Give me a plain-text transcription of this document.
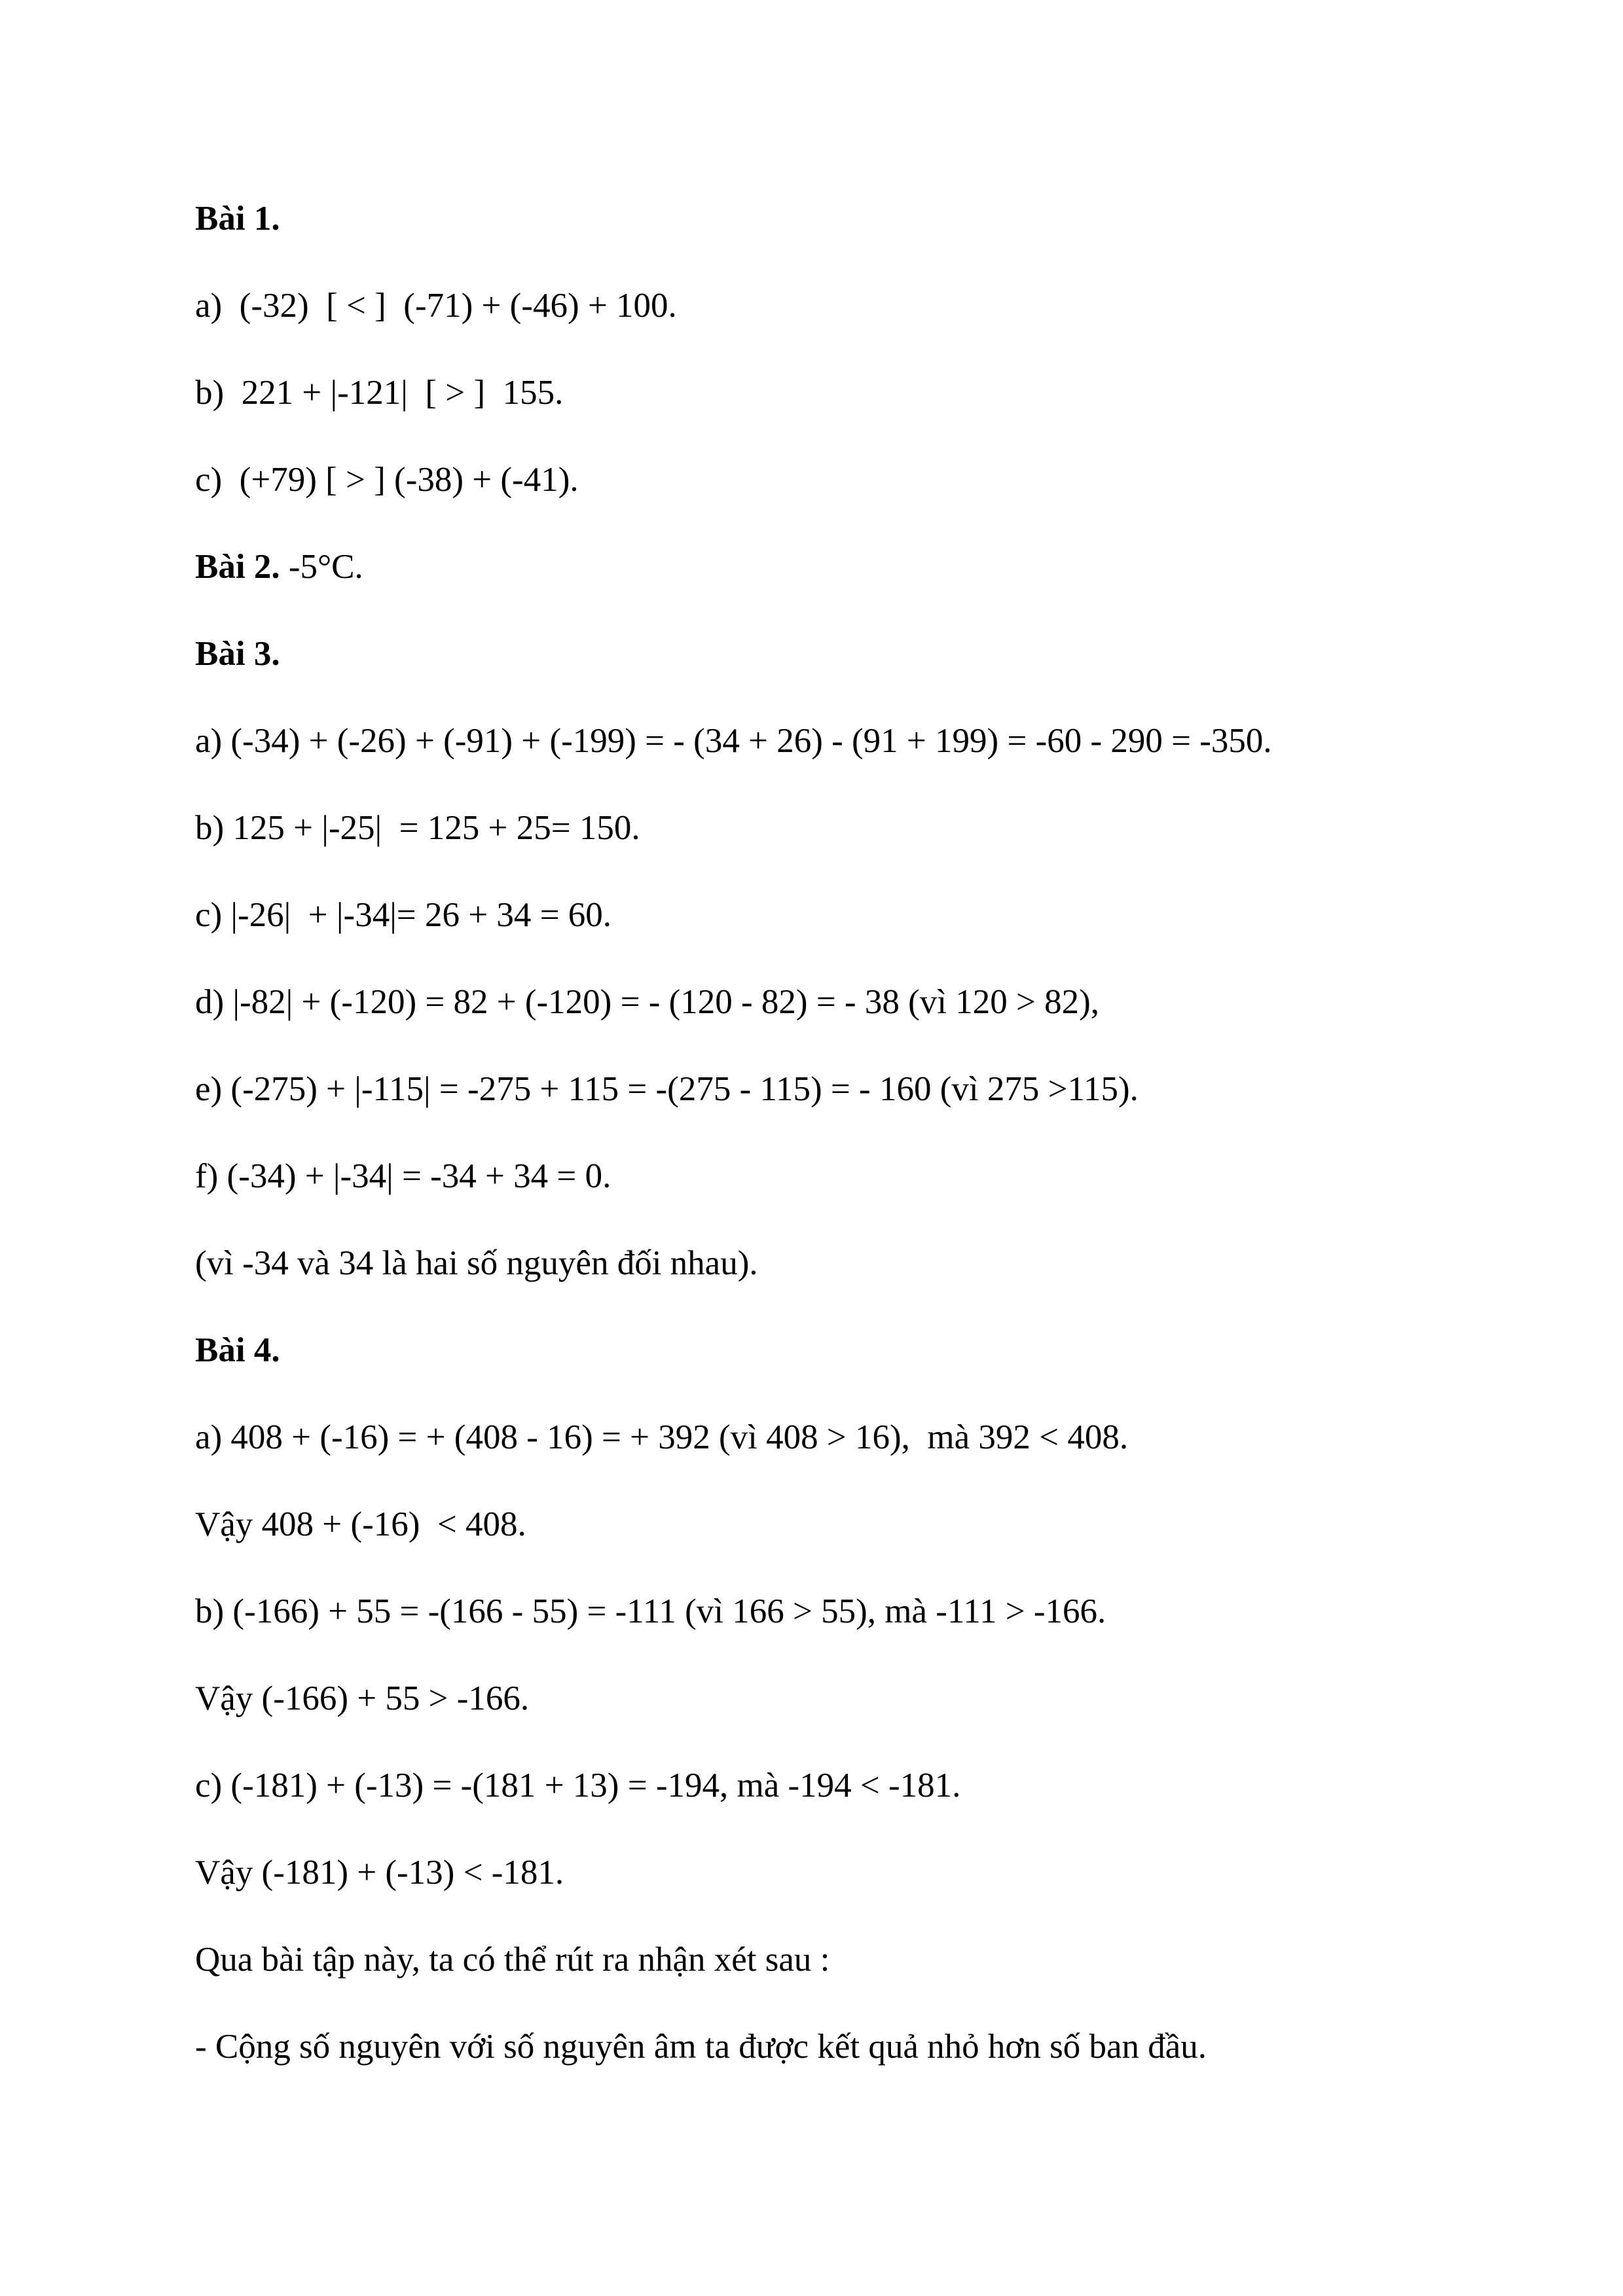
Bài 1.
a)  (-32)  [ < ]  (-71) + (-46) + 100.
b)  221 + |-121|  [ > ]  155.
c)  (+79) [ > ] (-38) + (-41).
Bài 2. -5°C.
Bài 3.
a) (-34) + (-26) + (-91) + (-199) = - (34 + 26) - (91 + 199) = -60 - 290 = -350.
b) 125 + |-25|  = 125 + 25= 150.
c) |-26|  + |-34|= 26 + 34 = 60.
d) |-82| + (-120) = 82 + (-120) = - (120 - 82) = - 38 (vì 120 > 82),
e) (-275) + |-115| = -275 + 115 = -(275 - 115) = - 160 (vì 275 >115).
f) (-34) + |-34| = -34 + 34 = 0.
(vì -34 và 34 là hai số nguyên đối nhau).
Bài 4.
a) 408 + (-16) = + (408 - 16) = + 392 (vì 408 > 16),  mà 392 < 408.
Vậy 408 + (-16)  < 408.
b) (-166) + 55 = -(166 - 55) = -111 (vì 166 > 55), mà -111 > -166.
Vậy (-166) + 55 > -166.
c) (-181) + (-13) = -(181 + 13) = -194, mà -194 < -181.
Vậy (-181) + (-13) < -181.
Qua bài tập này, ta có thể rút ra nhận xét sau :
- Cộng số nguyên với số nguyên âm ta được kết quả nhỏ hơn số ban đầu.
